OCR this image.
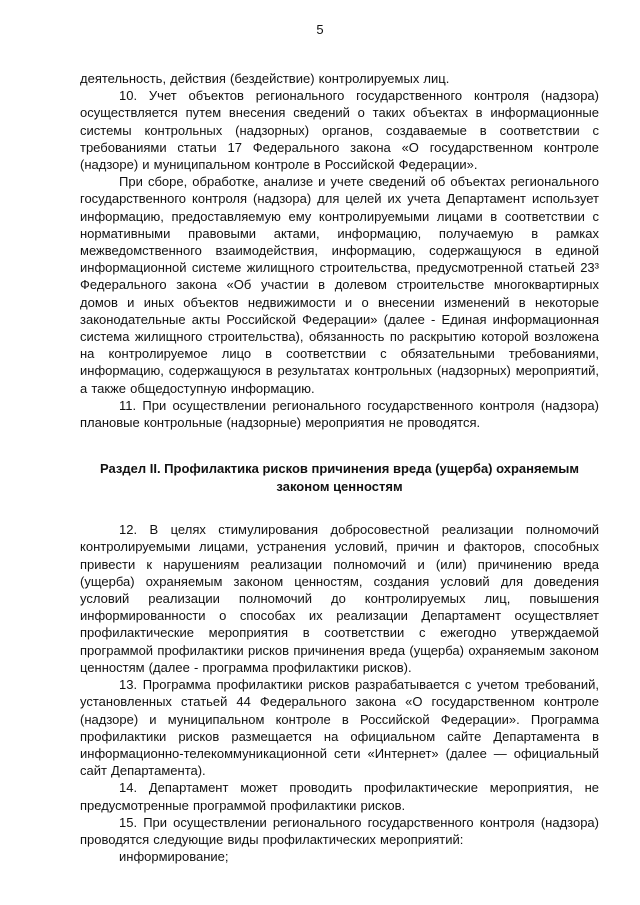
5

деятельность, действия (бездействие) контролируемых лиц.

10. Учет объектов регионального государственного контроля (надзора) осуществляется путем внесения сведений о таких объектах в информационные системы контрольных (надзорных) органов, создаваемые в соответствии с требованиями статьи 17 Федерального закона «О государственном контроле (надзоре) и муниципальном контроле в Российской Федерации».

При сборе, обработке, анализе и учете сведений об объектах регионального государственного контроля (надзора) для целей их учета Департамент использует информацию, предоставляемую ему контролируемыми лицами в соответствии с нормативными правовыми актами, информацию, получаемую в рамках межведомственного взаимодействия, информацию, содержащуюся в единой информационной системе жилищного строительства, предусмотренной статьей 23³ Федерального закона «Об участии в долевом строительстве многоквартирных домов и иных объектов недвижимости и о внесении изменений в некоторые законодательные акты Российской Федерации» (далее - Единая информационная система жилищного строительства), обязанность по раскрытию которой возложена на контролируемое лицо в соответствии с обязательными требованиями, информацию, содержащуюся в результатах контрольных (надзорных) мероприятий, а также общедоступную информацию.

11. При осуществлении регионального государственного контроля (надзора) плановые контрольные (надзорные) мероприятия не проводятся.

Раздел II. Профилактика рисков причинения вреда (ущерба) охраняемым законом ценностям

12. В целях стимулирования добросовестной реализации полномочий контролируемыми лицами, устранения условий, причин и факторов, способных привести к нарушениям реализации полномочий и (или) причинению вреда (ущерба) охраняемым законом ценностям, создания условий для доведения условий реализации полномочий до контролируемых лиц, повышения информированности о способах их реализации Департамент осуществляет профилактические мероприятия в соответствии с ежегодно утверждаемой программой профилактики рисков причинения вреда (ущерба) охраняемым законом ценностям (далее - программа профилактики рисков).

13. Программа профилактики рисков разрабатывается с учетом требований, установленных статьей 44 Федерального закона «О государственном контроле (надзоре) и муниципальном контроле в Российской Федерации». Программа профилактики рисков размещается на официальном сайте Департамента в информационно-телекоммуникационной сети «Интернет» (далее — официальный сайт Департамента).

14. Департамент может проводить профилактические мероприятия, не предусмотренные программой профилактики рисков.

15. При осуществлении регионального государственного контроля (надзора) проводятся следующие виды профилактических мероприятий:

информирование;
